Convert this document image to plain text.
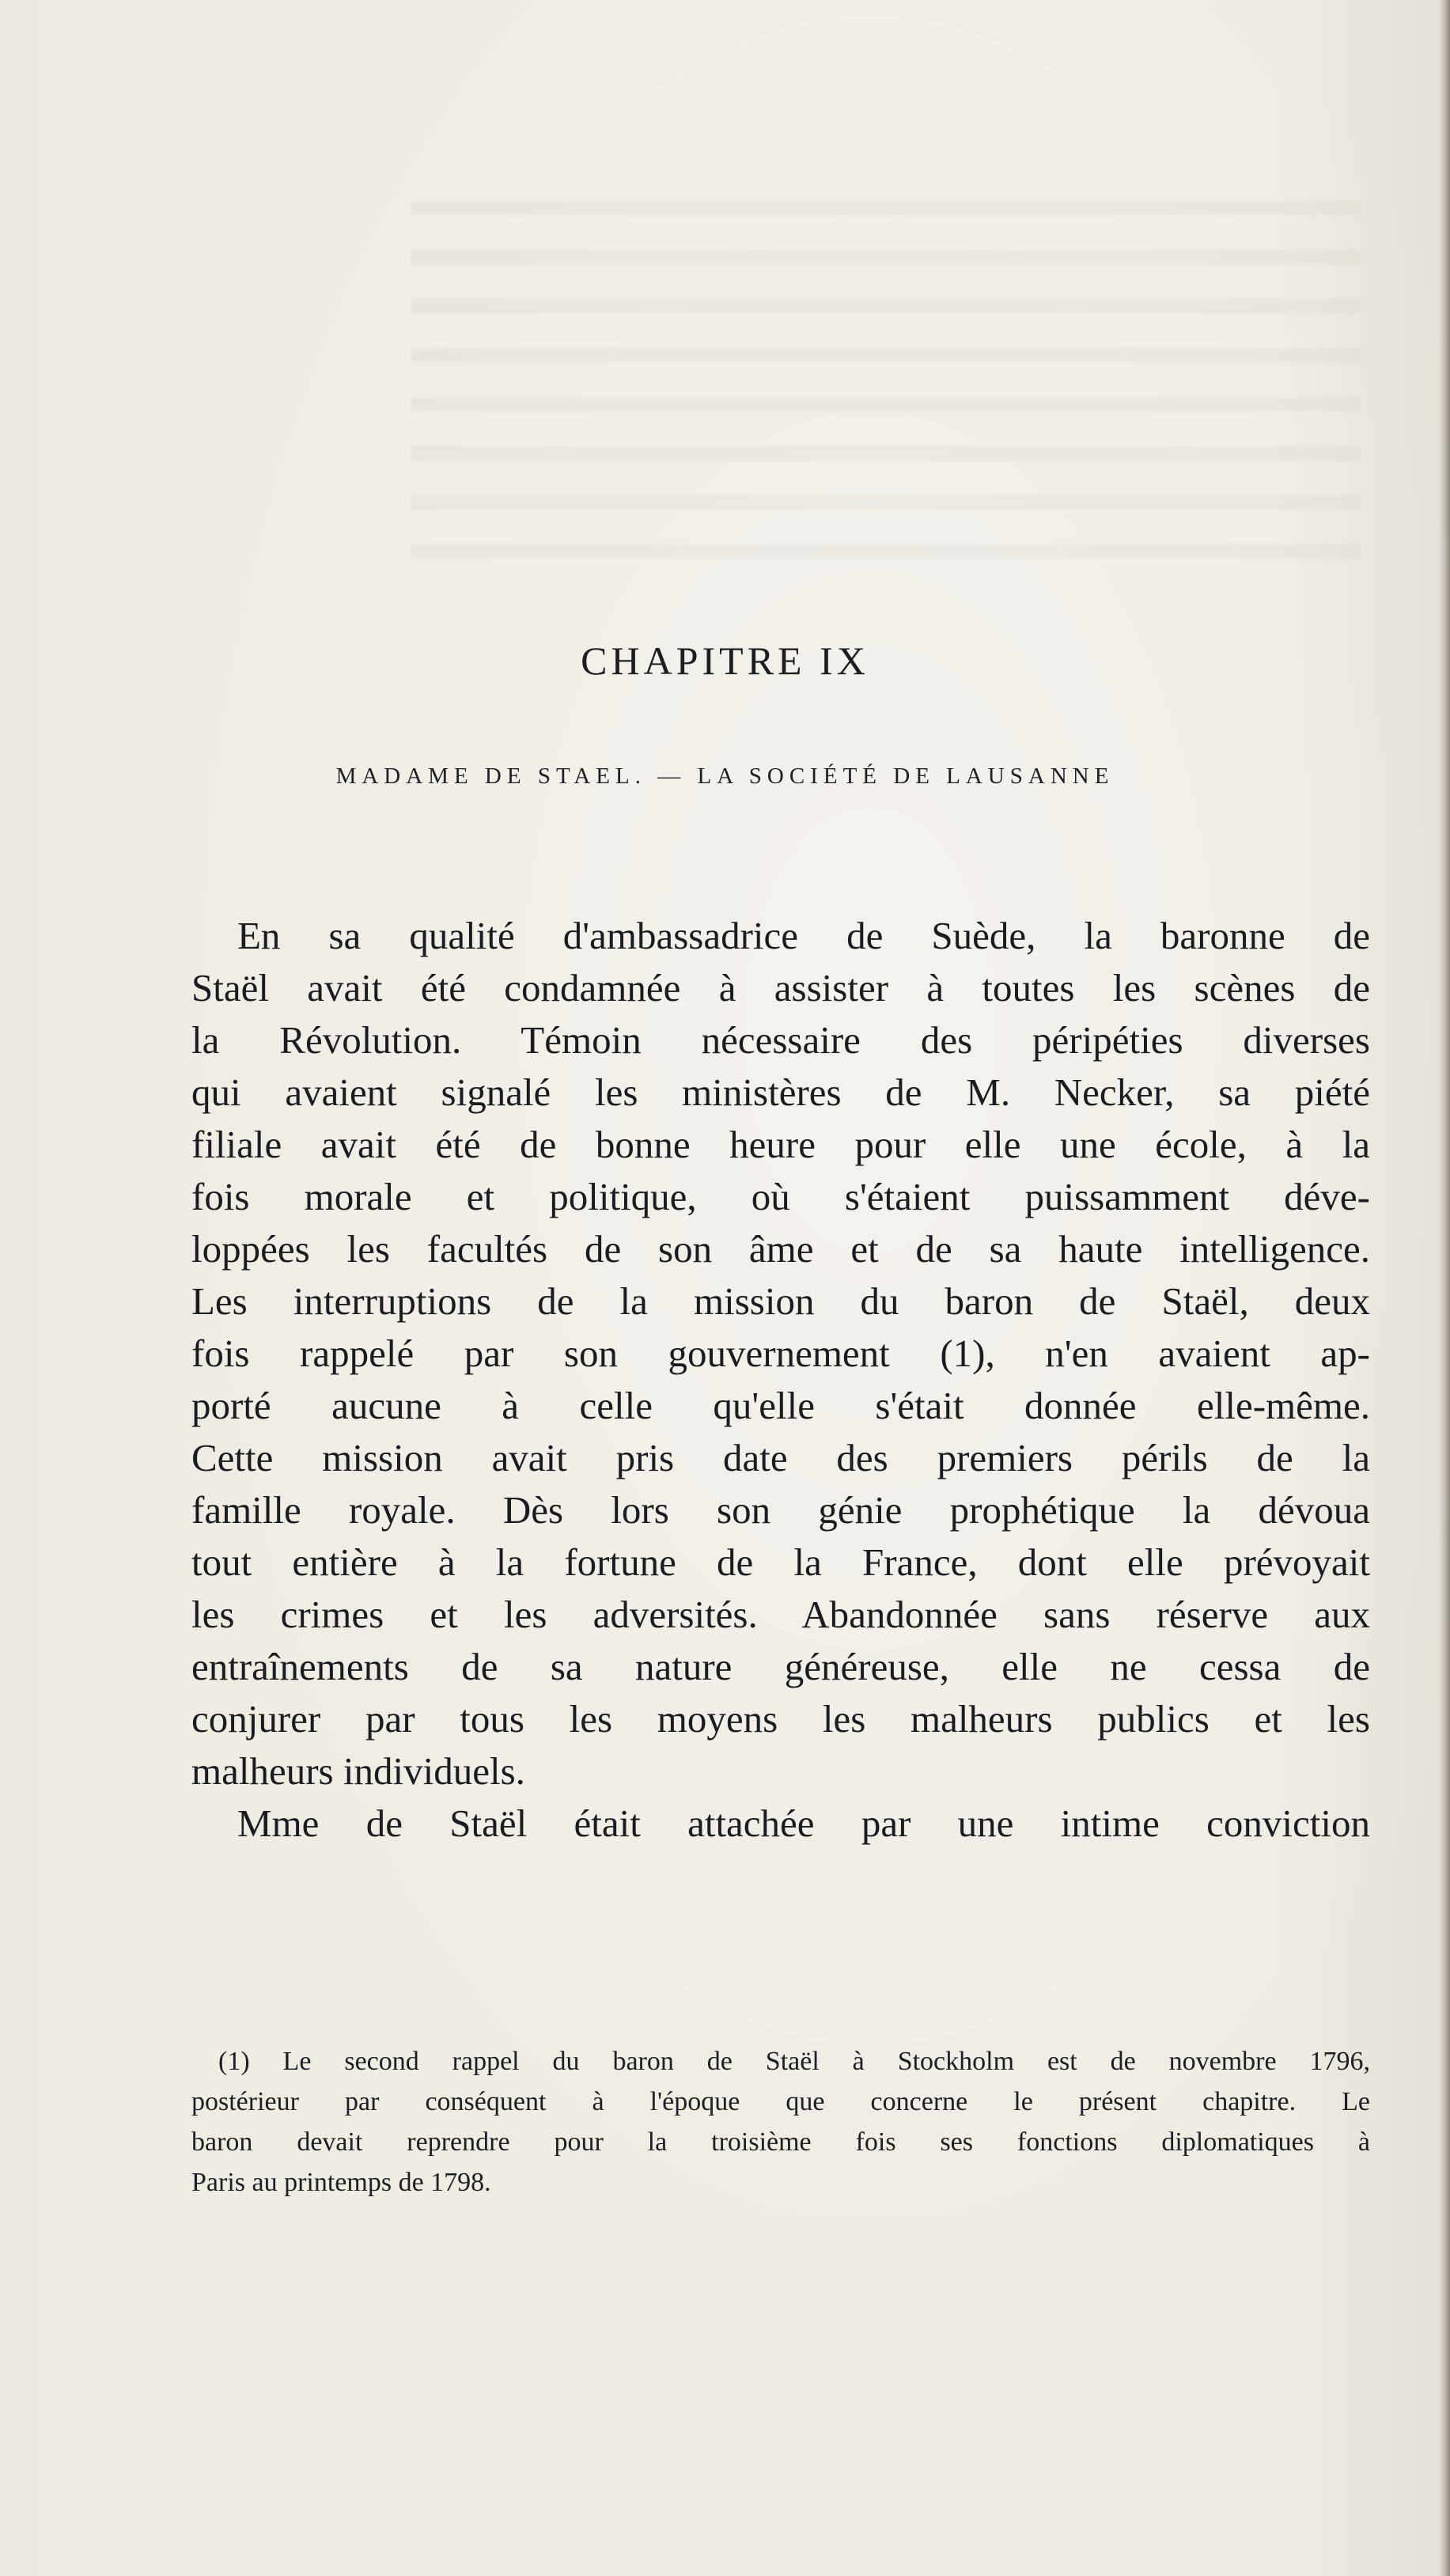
CHAPITRE IX
MADAME DE STAEL. — LA SOCIÉTÉ DE LAUSANNE
En sa qualité d'ambassadrice de Suède, la baronne de
Staël avait été condamnée à assister à toutes les scènes de
la Révolution. Témoin nécessaire des péripéties diverses
qui avaient signalé les ministères de M. Necker, sa piété
filiale avait été de bonne heure pour elle une école, à la
fois morale et politique, où s'étaient puissamment déve-
loppées les facultés de son âme et de sa haute intelligence.
Les interruptions de la mission du baron de Staël, deux
fois rappelé par son gouvernement (1), n'en avaient ap-
porté aucune à celle qu'elle s'était donnée elle-même.
Cette mission avait pris date des premiers périls de la
famille royale. Dès lors son génie prophétique la dévoua
tout entière à la fortune de la France, dont elle prévoyait
les crimes et les adversités. Abandonnée sans réserve aux
entraînements de sa nature généreuse, elle ne cessa de
conjurer par tous les moyens les malheurs publics et les
malheurs individuels.
Mme de Staël était attachée par une intime conviction
(1) Le second rappel du baron de Staël à Stockholm est de novembre 1796,
postérieur par conséquent à l'époque que concerne le présent chapitre. Le
baron devait reprendre pour la troisième fois ses fonctions diplomatiques à
Paris au printemps de 1798.
